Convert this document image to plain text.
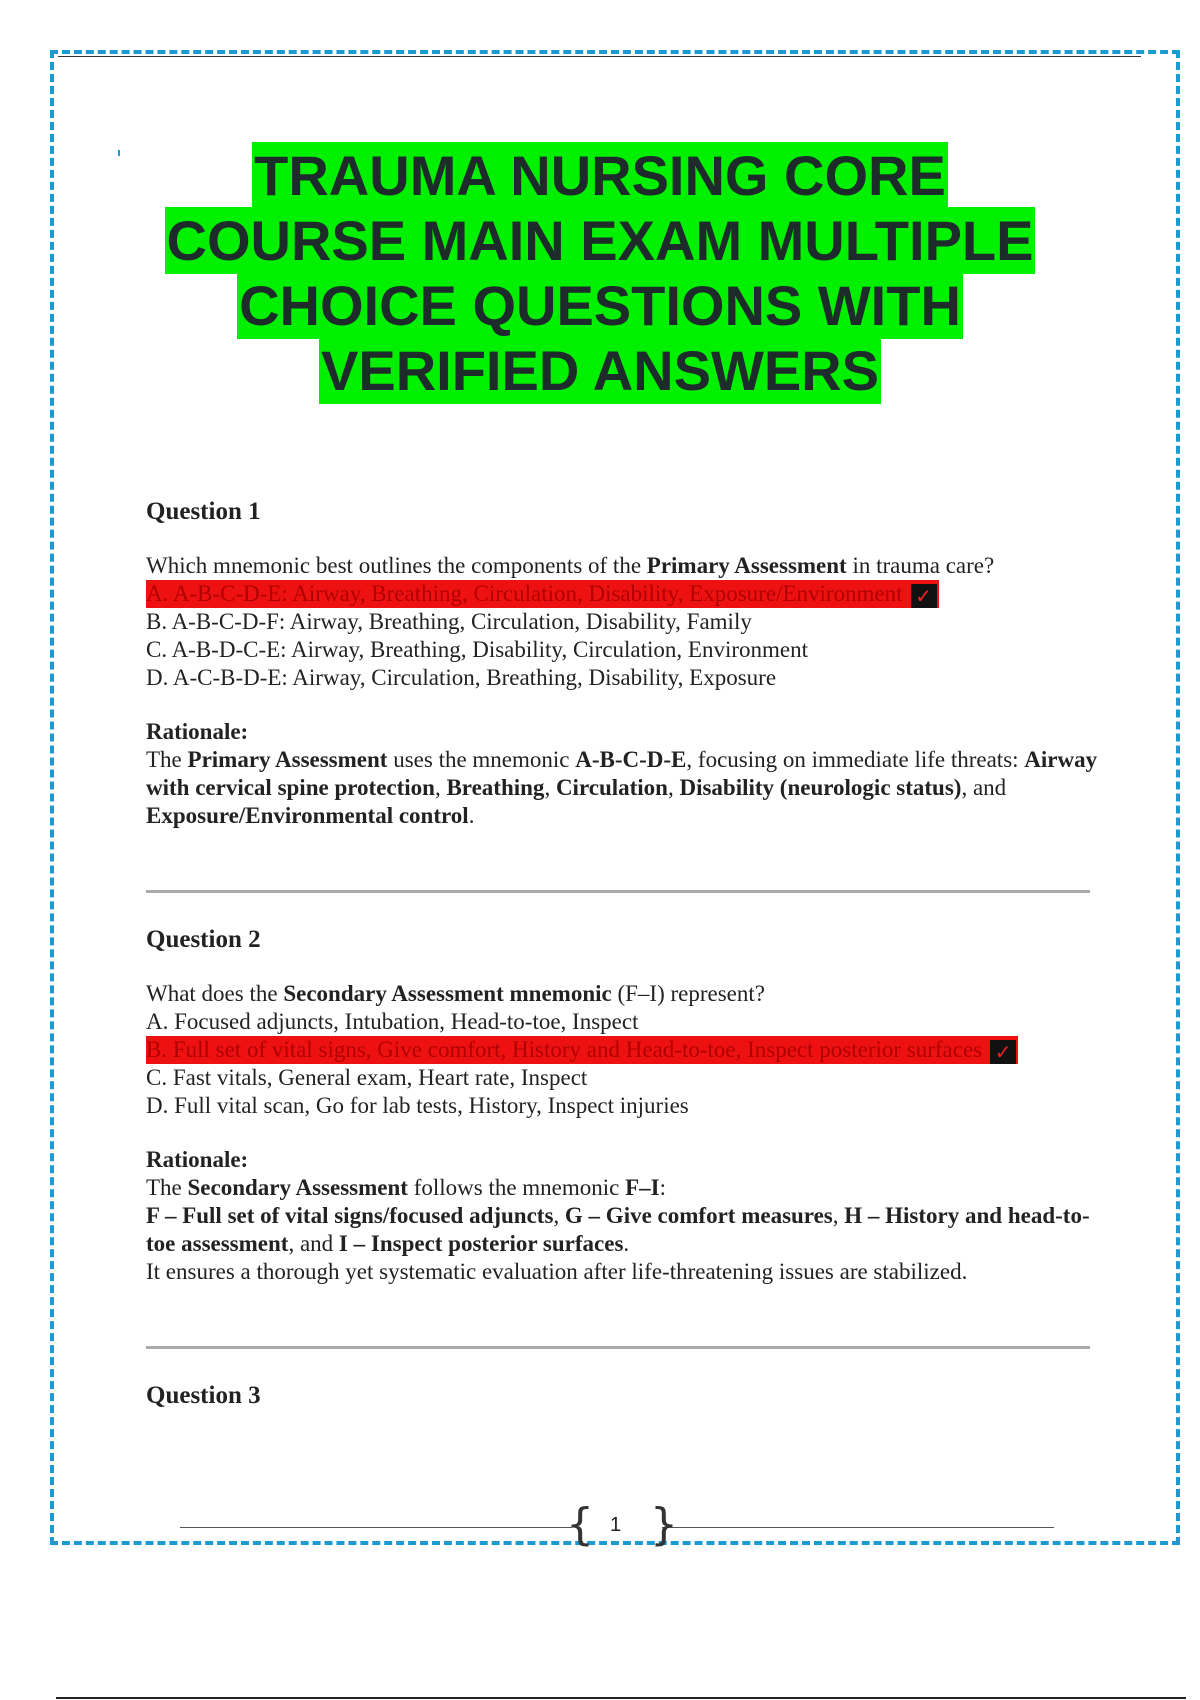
TRAUMA NURSING CORE
COURSE MAIN EXAM MULTIPLE
CHOICE QUESTIONS WITH
VERIFIED ANSWERS

Question 1

Which mnemonic best outlines the components of the Primary Assessment in trauma care?

A. A-B-C-D-E: Airway, Breathing, Circulation, Disability, Exposure/Environment ✓

B. A-B-C-D-F: Airway, Breathing, Circulation, Disability, Family

C. A-B-D-C-E: Airway, Breathing, Disability, Circulation, Environment

D. A-C-B-D-E: Airway, Circulation, Breathing, Disability, Exposure

Rationale:

The Primary Assessment uses the mnemonic A-B-C-D-E, focusing on immediate life threats: Airway with cervical spine protection, Breathing, Circulation, Disability (neurologic status), and Exposure/Environmental control.

Question 2

What does the Secondary Assessment mnemonic (F–I) represent?

A. Focused adjuncts, Intubation, Head-to-toe, Inspect

B. Full set of vital signs, Give comfort, History and Head-to-toe, Inspect posterior surfaces ✓

C. Fast vitals, General exam, Heart rate, Inspect

D. Full vital scan, Go for lab tests, History, Inspect injuries

Rationale:

The Secondary Assessment follows the mnemonic F–I:
F – Full set of vital signs/focused adjuncts, G – Give comfort measures, H – History and head-to-toe assessment, and I – Inspect posterior surfaces.

It ensures a thorough yet systematic evaluation after life-threatening issues are stabilized.

Question 3

{ }
1
